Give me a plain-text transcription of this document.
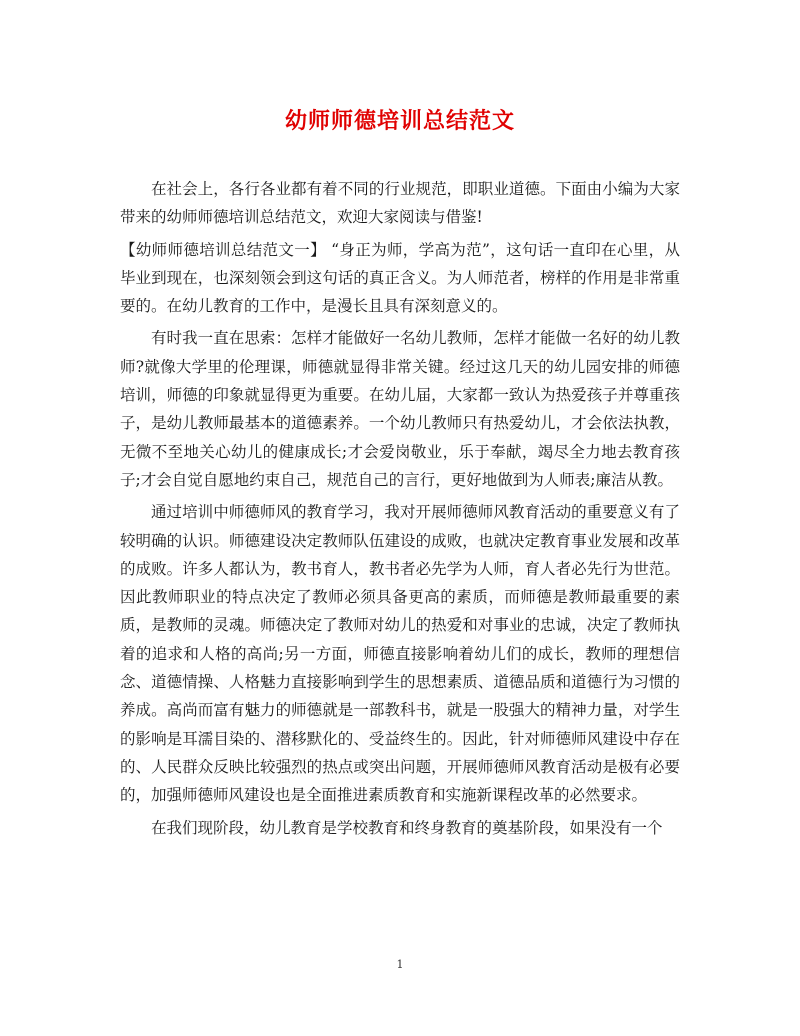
幼师师德培训总结范文

在社会上，各行各业都有着不同的行业规范，即职业道德。下面由小编为大家带来的幼师师德培训总结范文，欢迎大家阅读与借鉴!

【幼师师德培训总结范文一】 “身正为师，学高为范”，这句话一直印在心里，从毕业到现在，也深刻领会到这句话的真正含义。为人师范者，榜样的作用是非常重要的。在幼儿教育的工作中，是漫长且具有深刻意义的。

有时我一直在思索：怎样才能做好一名幼儿教师，怎样才能做一名好的幼儿教师?就像大学里的伦理课，师德就显得非常关键。经过这几天的幼儿园安排的师德培训，师德的印象就显得更为重要。在幼儿届，大家都一致认为热爱孩子并尊重孩子，是幼儿教师最基本的道德素养。一个幼儿教师只有热爱幼儿，才会依法执教，无微不至地关心幼儿的健康成长;才会爱岗敬业，乐于奉献，竭尽全力地去教育孩子;才会自觉自愿地约束自己，规范自己的言行，更好地做到为人师表;廉洁从教。

通过培训中师德师风的教育学习，我对开展师德师风教育活动的重要意义有了较明确的认识。师德建设决定教师队伍建设的成败，也就决定教育事业发展和改革的成败。许多人都认为，教书育人，教书者必先学为人师，育人者必先行为世范。因此教师职业的特点决定了教师必须具备更高的素质，而师德是教师最重要的素质，是教师的灵魂。师德决定了教师对幼儿的热爱和对事业的忠诚，决定了教师执着的追求和人格的高尚;另一方面，师德直接影响着幼儿们的成长，教师的理想信念、道德情操、人格魅力直接影响到学生的思想素质、道德品质和道德行为习惯的养成。高尚而富有魅力的师德就是一部教科书，就是一股强大的精神力量，对学生的影响是耳濡目染的、潜移默化的、受益终生的。因此，针对师德师风建设中存在的、人民群众反映比较强烈的热点或突出问题，开展师德师风教育活动是极有必要的，加强师德师风建设也是全面推进素质教育和实施新课程改革的必然要求。

在我们现阶段，幼儿教育是学校教育和终身教育的奠基阶段，如果没有一个

1
